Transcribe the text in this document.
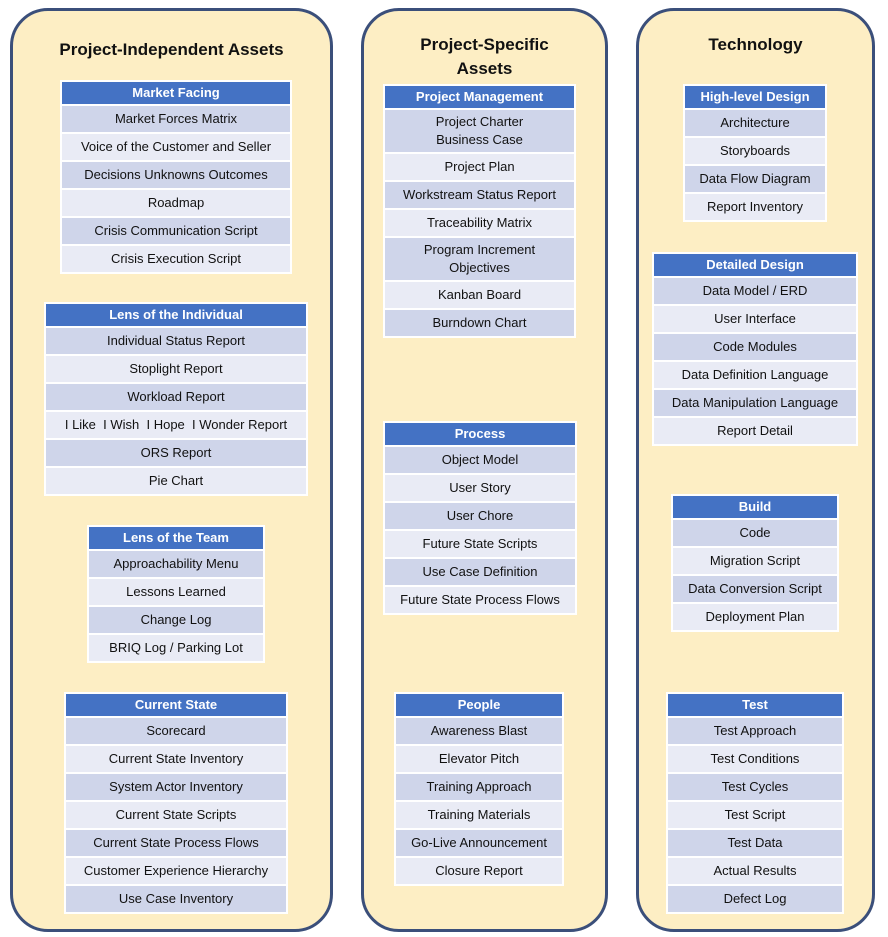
Project-Independent Assets	Project-Specific
Assets
Technology
Market Facing
Market Forces Matrix
Voice of the Customer and Seller
Decisions Unknowns Outcomes
Roadmap
Crisis Communication Script
Crisis Execution Script
Lens of the Individual
Individual Status Report
Stoplight Report
Workload Report
I Like  I Wish  I Hope  I Wonder Report
ORS Report
Pie Chart
Lens of the Team
Approachability Menu
Lessons Learned
Change Log
BRIQ Log / Parking Lot
Current State
Scorecard
Current State Inventory
System Actor Inventory
Current State Scripts
Current State Process Flows
Customer Experience Hierarchy
Use Case Inventory
Project Management
Project Charter
Business Case
Project Plan
Workstream Status Report
Traceability Matrix
Program Increment
Objectives
Kanban Board
Burndown Chart
Process
Object Model
User Story
User Chore
Future State Scripts
Use Case Definition
Future State Process Flows
People
Awareness Blast
Elevator Pitch
Training Approach
Training Materials
Go-Live Announcement
Closure Report
High-level Design
Architecture
Storyboards
Data Flow Diagram
Report Inventory
Detailed Design
Data Model / ERD
User Interface
Code Modules
Data Definition Language
Data Manipulation Language
Report Detail
Build
Code
Migration Script
Data Conversion Script
Deployment Plan
Test
Test Approach
Test Conditions
Test Cycles
Test Script
Test Data
Actual Results
Defect Log
